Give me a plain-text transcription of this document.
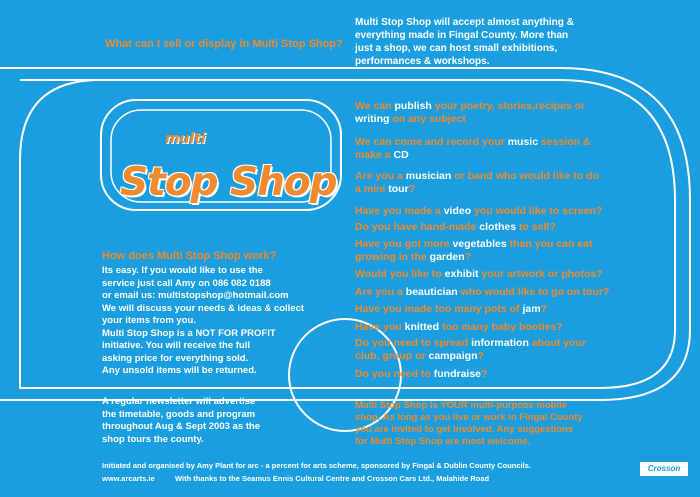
What can I sell or display in Multi Stop Shop?
Multi Stop Shop will accept almost anything &
everything made in Fingal County. More than
just a shop, we can host small exhibitions,
performances & workshops.
multi
Stop Shop
We can publish your poetry, stories,recipes or
writing on any subject
We can come and record your music session &
make a CD
Are you a musician or band who would like to do
a mini tour?
Have you made a video you would like to screen?
Do you have hand-made clothes to sell?
Have you got more vegetables than you can eat
growing in the garden?
Would you like to exhibit your artwork or photos?
Are you a beautician who would like to go on tour?
Have you made too many pots of jam?
Have you knitted too many baby booties?
Do you need to spread information about your
club, group or campaign?
Do you need to fundraise?
How does Multi Stop Shop work?
Its easy. If you would like to use the
service just call Amy on 086 082 0188
or email us: multistopshop@hotmail.com
We will discuss your needs & ideas & collect
your items from you.
Multi Stop Shop is a NOT FOR PROFIT
initiative. You will receive the full
asking price for everything sold.
Any unsold items will be returned.
A regular newsletter will advertise
the timetable, goods and program
throughout Aug & Sept 2003 as the
shop tours the county.
Multi Stop Shop is YOUR multi-purpose mobile
shop. As long as you live or work in Fingal County
you are invited to get involved. Any suggestions
for Multi Stop Shop are most welcome.
Initiated and organised by Amy Plant for arc - a percent for arts scheme, sponsored by Fingal & Dublin County Councils.
www.arcarts.ie	With thanks to the Seamus Ennis Cultural Centre and Crosson Cars Ltd., Malahide Road
Crosson
